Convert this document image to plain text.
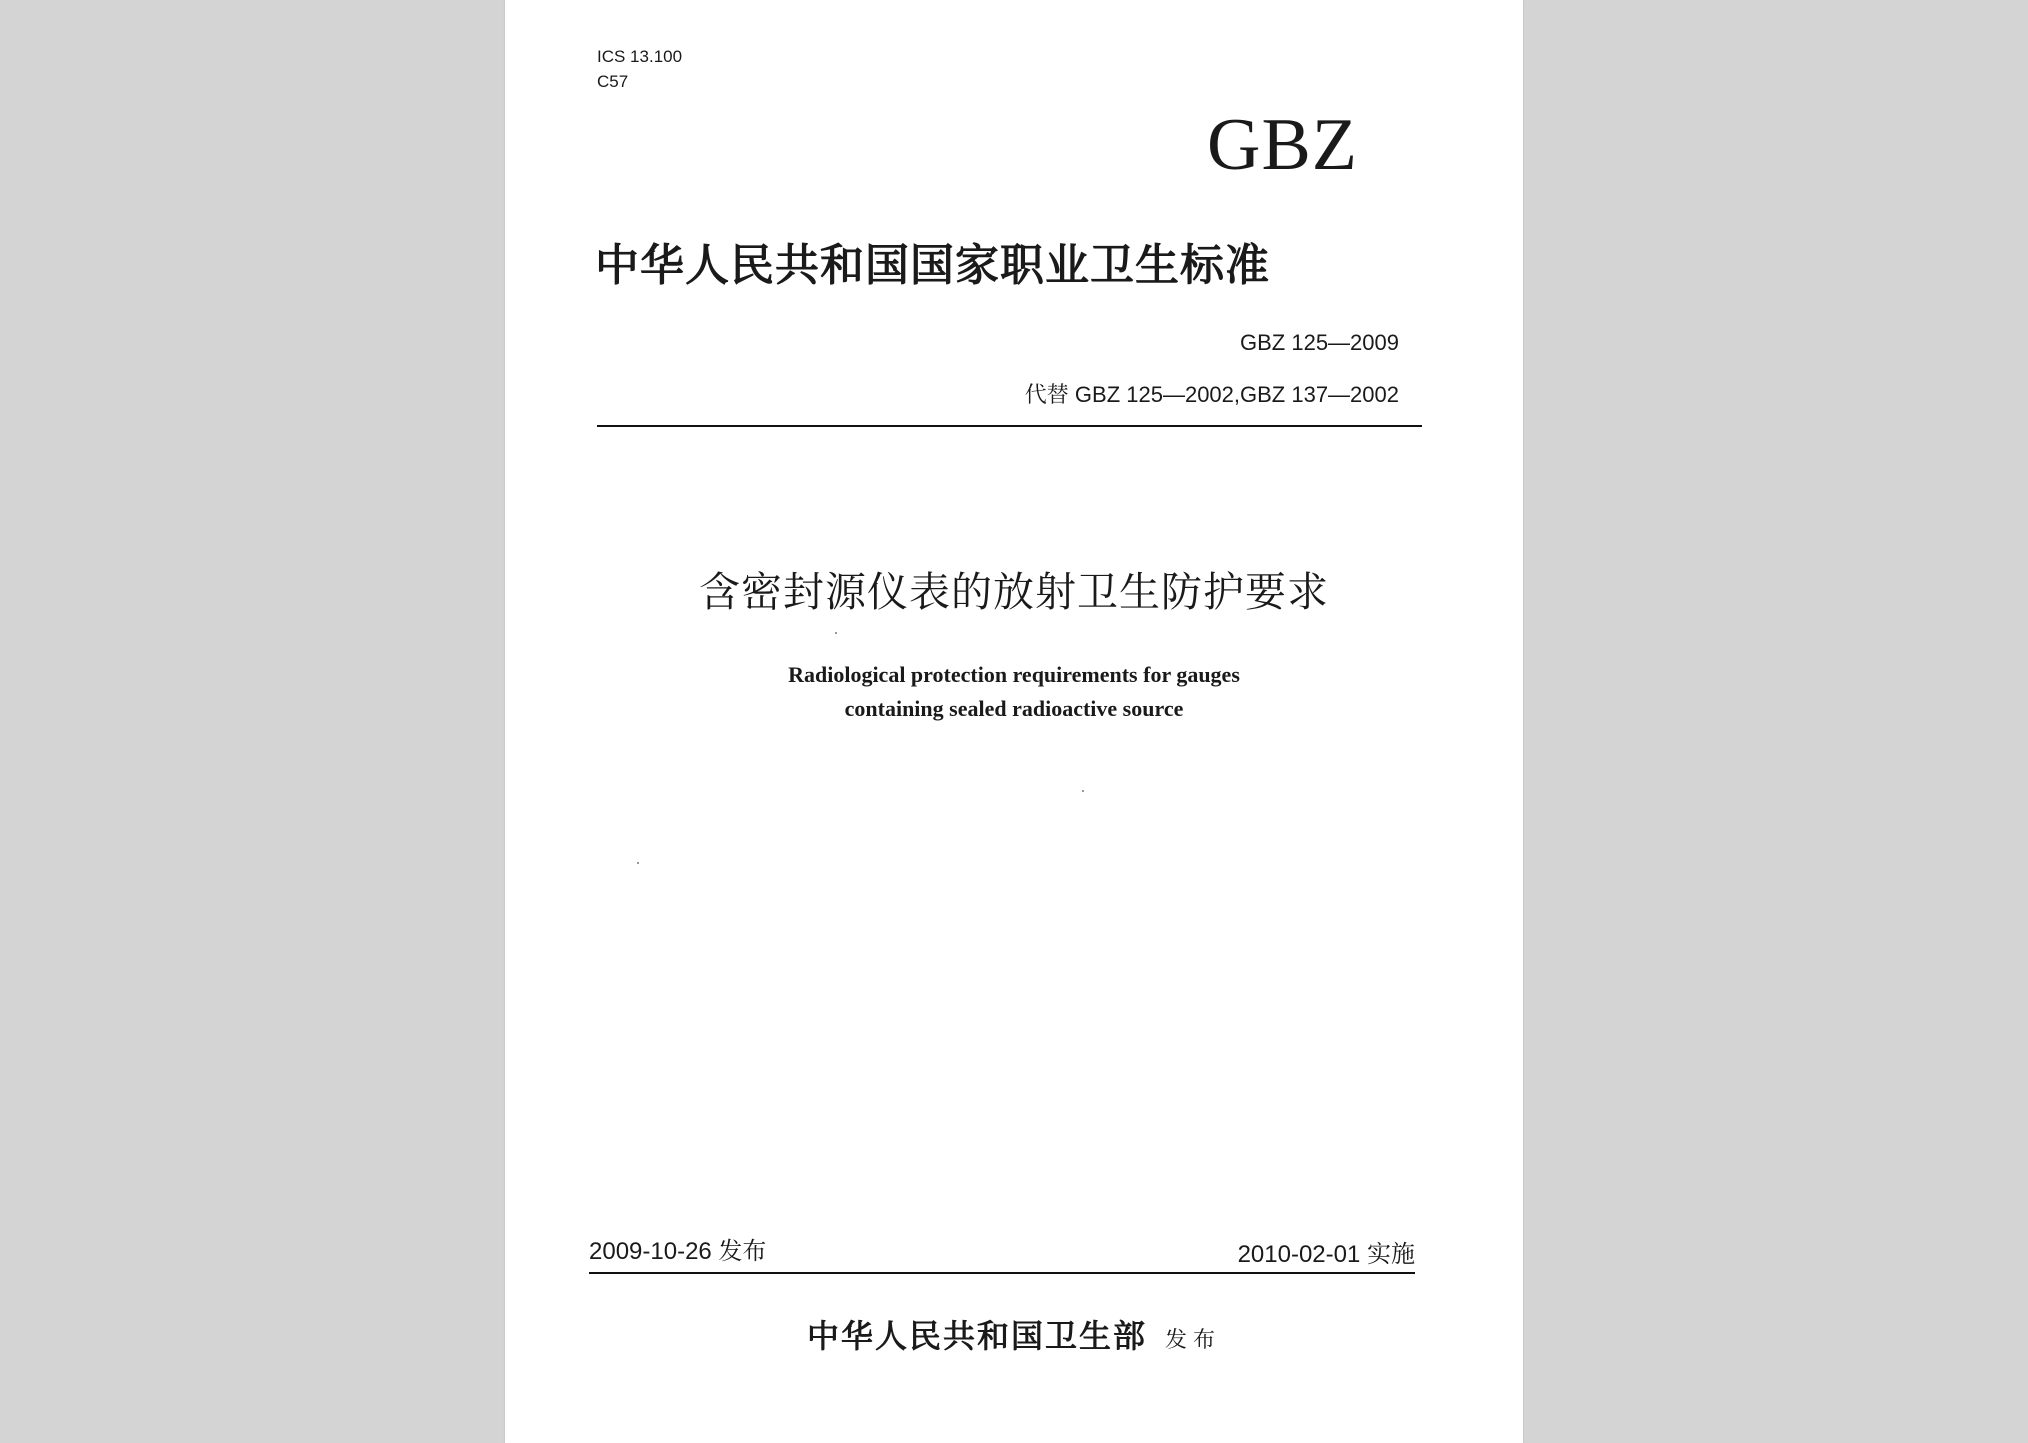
ICS 13.100
C57
GBZ
中华人民共和国国家职业卫生标准
GBZ 125—2009
代替 GBZ 125—2002,GBZ 137—2002
含密封源仪表的放射卫生防护要求
Radiological protection requirements for gauges
containing sealed radioactive source
2009-10-26 发布	2010-02-01 实施
中华人民共和国卫生部 发布
